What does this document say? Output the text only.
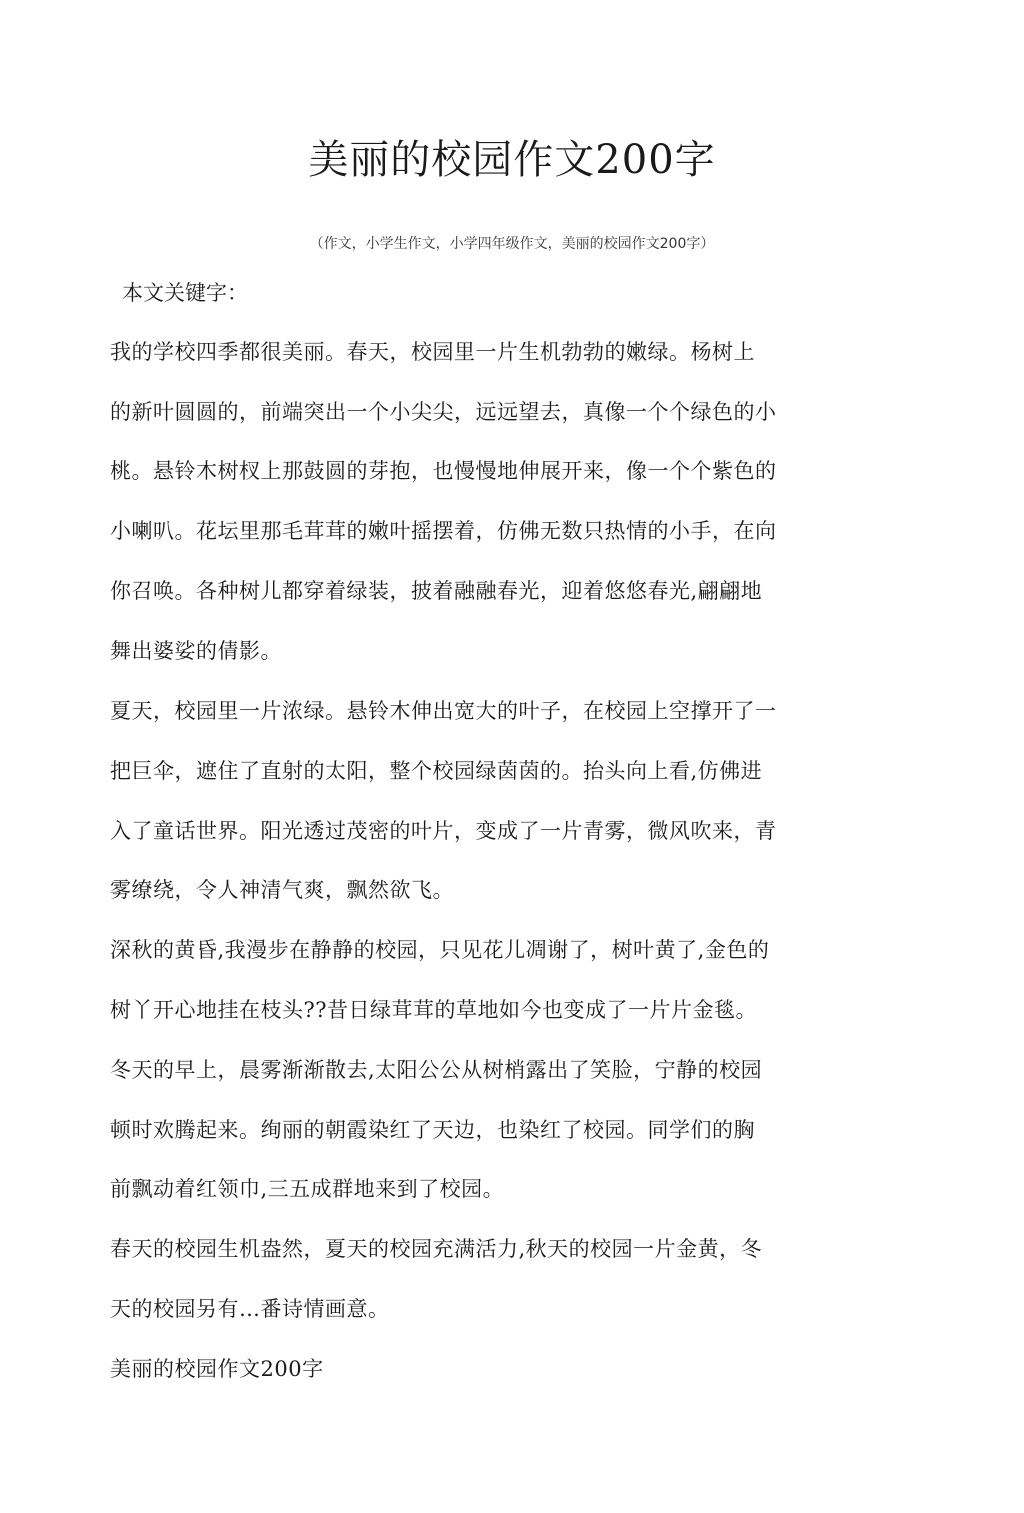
美丽的校园作文200字
（作文，小学生作文，小学四年级作文，美丽的校园作文200字）
本文关键字：
我的学校四季都很美丽。春天，校园里一片生机勃勃的嫩绿。杨树上
的新叶圆圆的，前端突出一个小尖尖，远远望去，真像一个个绿色的小
桃。悬铃木树杈上那鼓圆的芽抱，也慢慢地伸展开来，像一个个紫色的
小喇叭。花坛里那毛茸茸的嫩叶摇摆着，仿佛无数只热情的小手，在向
你召唤。各种树儿都穿着绿装，披着融融春光，迎着悠悠春光,翩翩地
舞出婆娑的倩影。
夏天，校园里一片浓绿。悬铃木伸出宽大的叶子，在校园上空撑开了一
把巨伞，遮住了直射的太阳，整个校园绿茵茵的。抬头向上看,仿佛进
入了童话世界。阳光透过茂密的叶片，变成了一片青雾，微风吹来，青
雾缭绕，令人神清气爽，飘然欲飞。
深秋的黄昏,我漫步在静静的校园，只见花儿凋谢了，树叶黄了,金色的
树丫开心地挂在枝头??昔日绿茸茸的草地如今也变成了一片片金毯。
冬天的早上，晨雾渐渐散去,太阳公公从树梢露出了笑脸，宁静的校园
顿时欢腾起来。绚丽的朝霞染红了天边，也染红了校园。同学们的胸
前飘动着红领巾,三五成群地来到了校园。
春天的校园生机盎然，夏天的校园充满活力,秋天的校园一片金黄，冬
天的校园另有…番诗情画意。
美丽的校园作文200字
